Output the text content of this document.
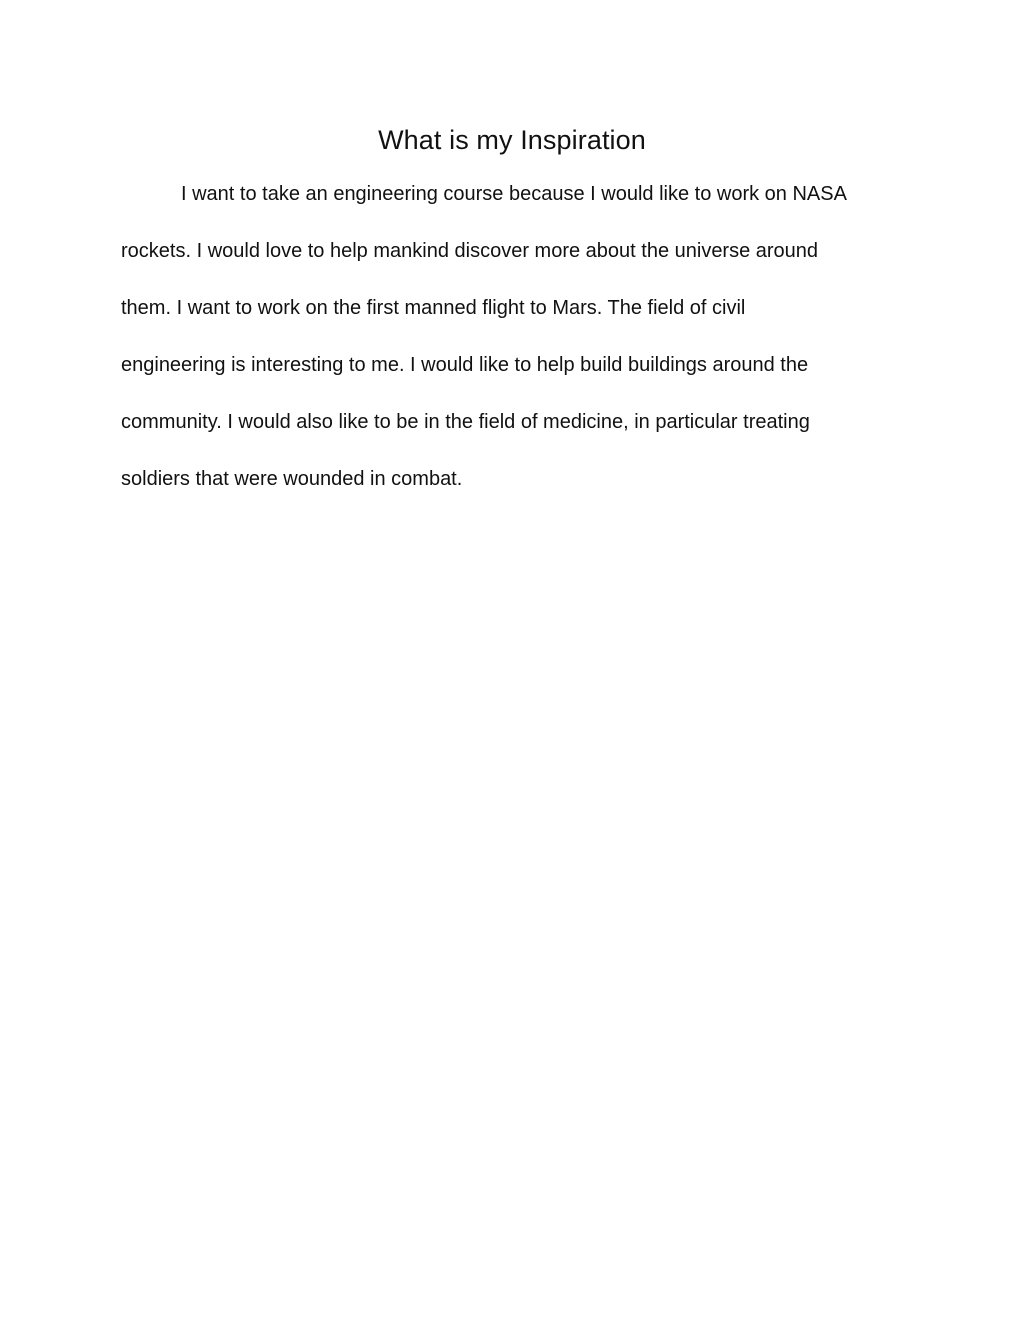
What is my Inspiration
I want to take an engineering course because I would like to work on NASA
rockets. I would love to help mankind discover more about the universe around
them. I want to work on the first manned flight to Mars. The field of civil
engineering is interesting to me. I would like to help build buildings around the
community. I would also like to be in the field of medicine, in particular treating
soldiers that were wounded in combat.
